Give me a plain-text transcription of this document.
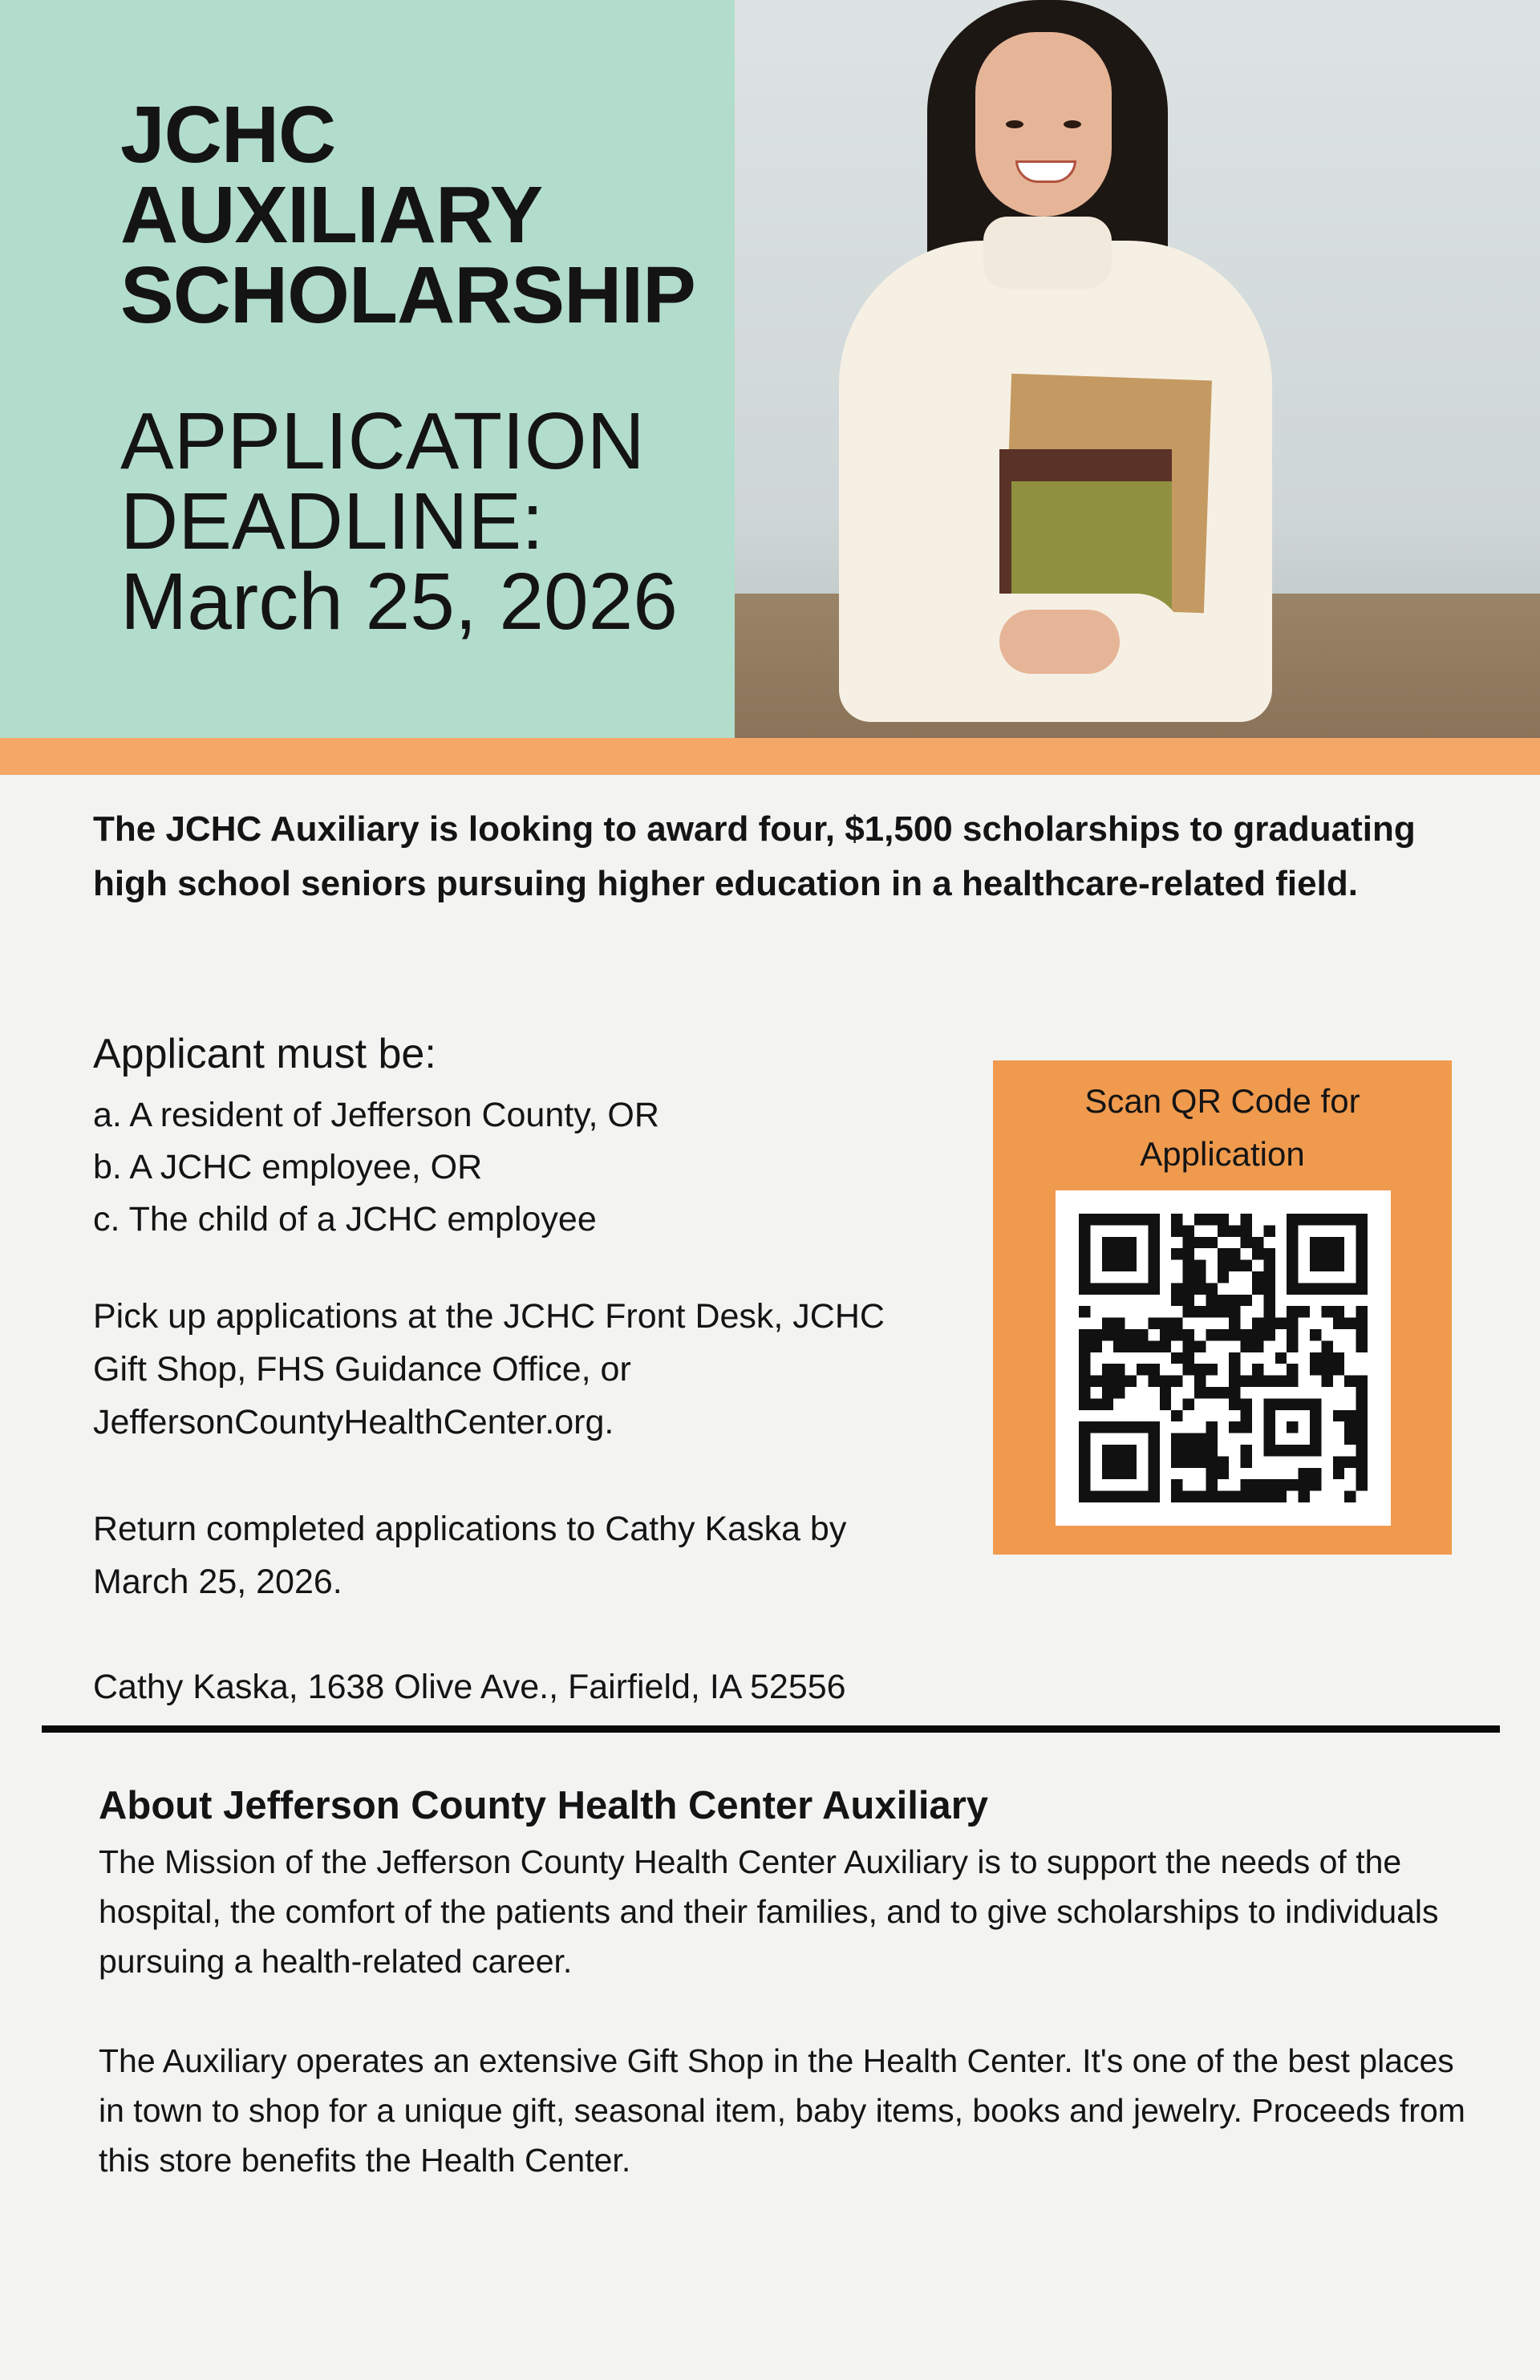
JCHC
AUXILIARY
SCHOLARSHIP
APPLICATION
DEADLINE:
March 25, 2026

The JCHC Auxiliary is looking to award four, $1,500 scholarships to graduating high school seniors pursuing higher education in a healthcare-related field.

Applicant must be:
a. A resident of Jefferson County, OR
b. A JCHC employee, OR
c. The child of a JCHC employee

Pick up applications at the JCHC Front Desk, JCHC Gift Shop, FHS Guidance Office, or JeffersonCountyHealthCenter.org.

Return completed applications to Cathy Kaska by March 25, 2026.

Cathy Kaska, 1638 Olive Ave., Fairfield, IA 52556

Scan QR Code for
Application

About Jefferson County Health Center Auxiliary

The Mission of the Jefferson County Health Center Auxiliary is to support the needs of the hospital, the comfort of the patients and their families, and to give scholarships to individuals pursuing a health-related career.

The Auxiliary operates an extensive Gift Shop in the Health Center. It's one of the best places in town to shop for a unique gift, seasonal item, baby items, books and jewelry. Proceeds from this store benefits the Health Center.
